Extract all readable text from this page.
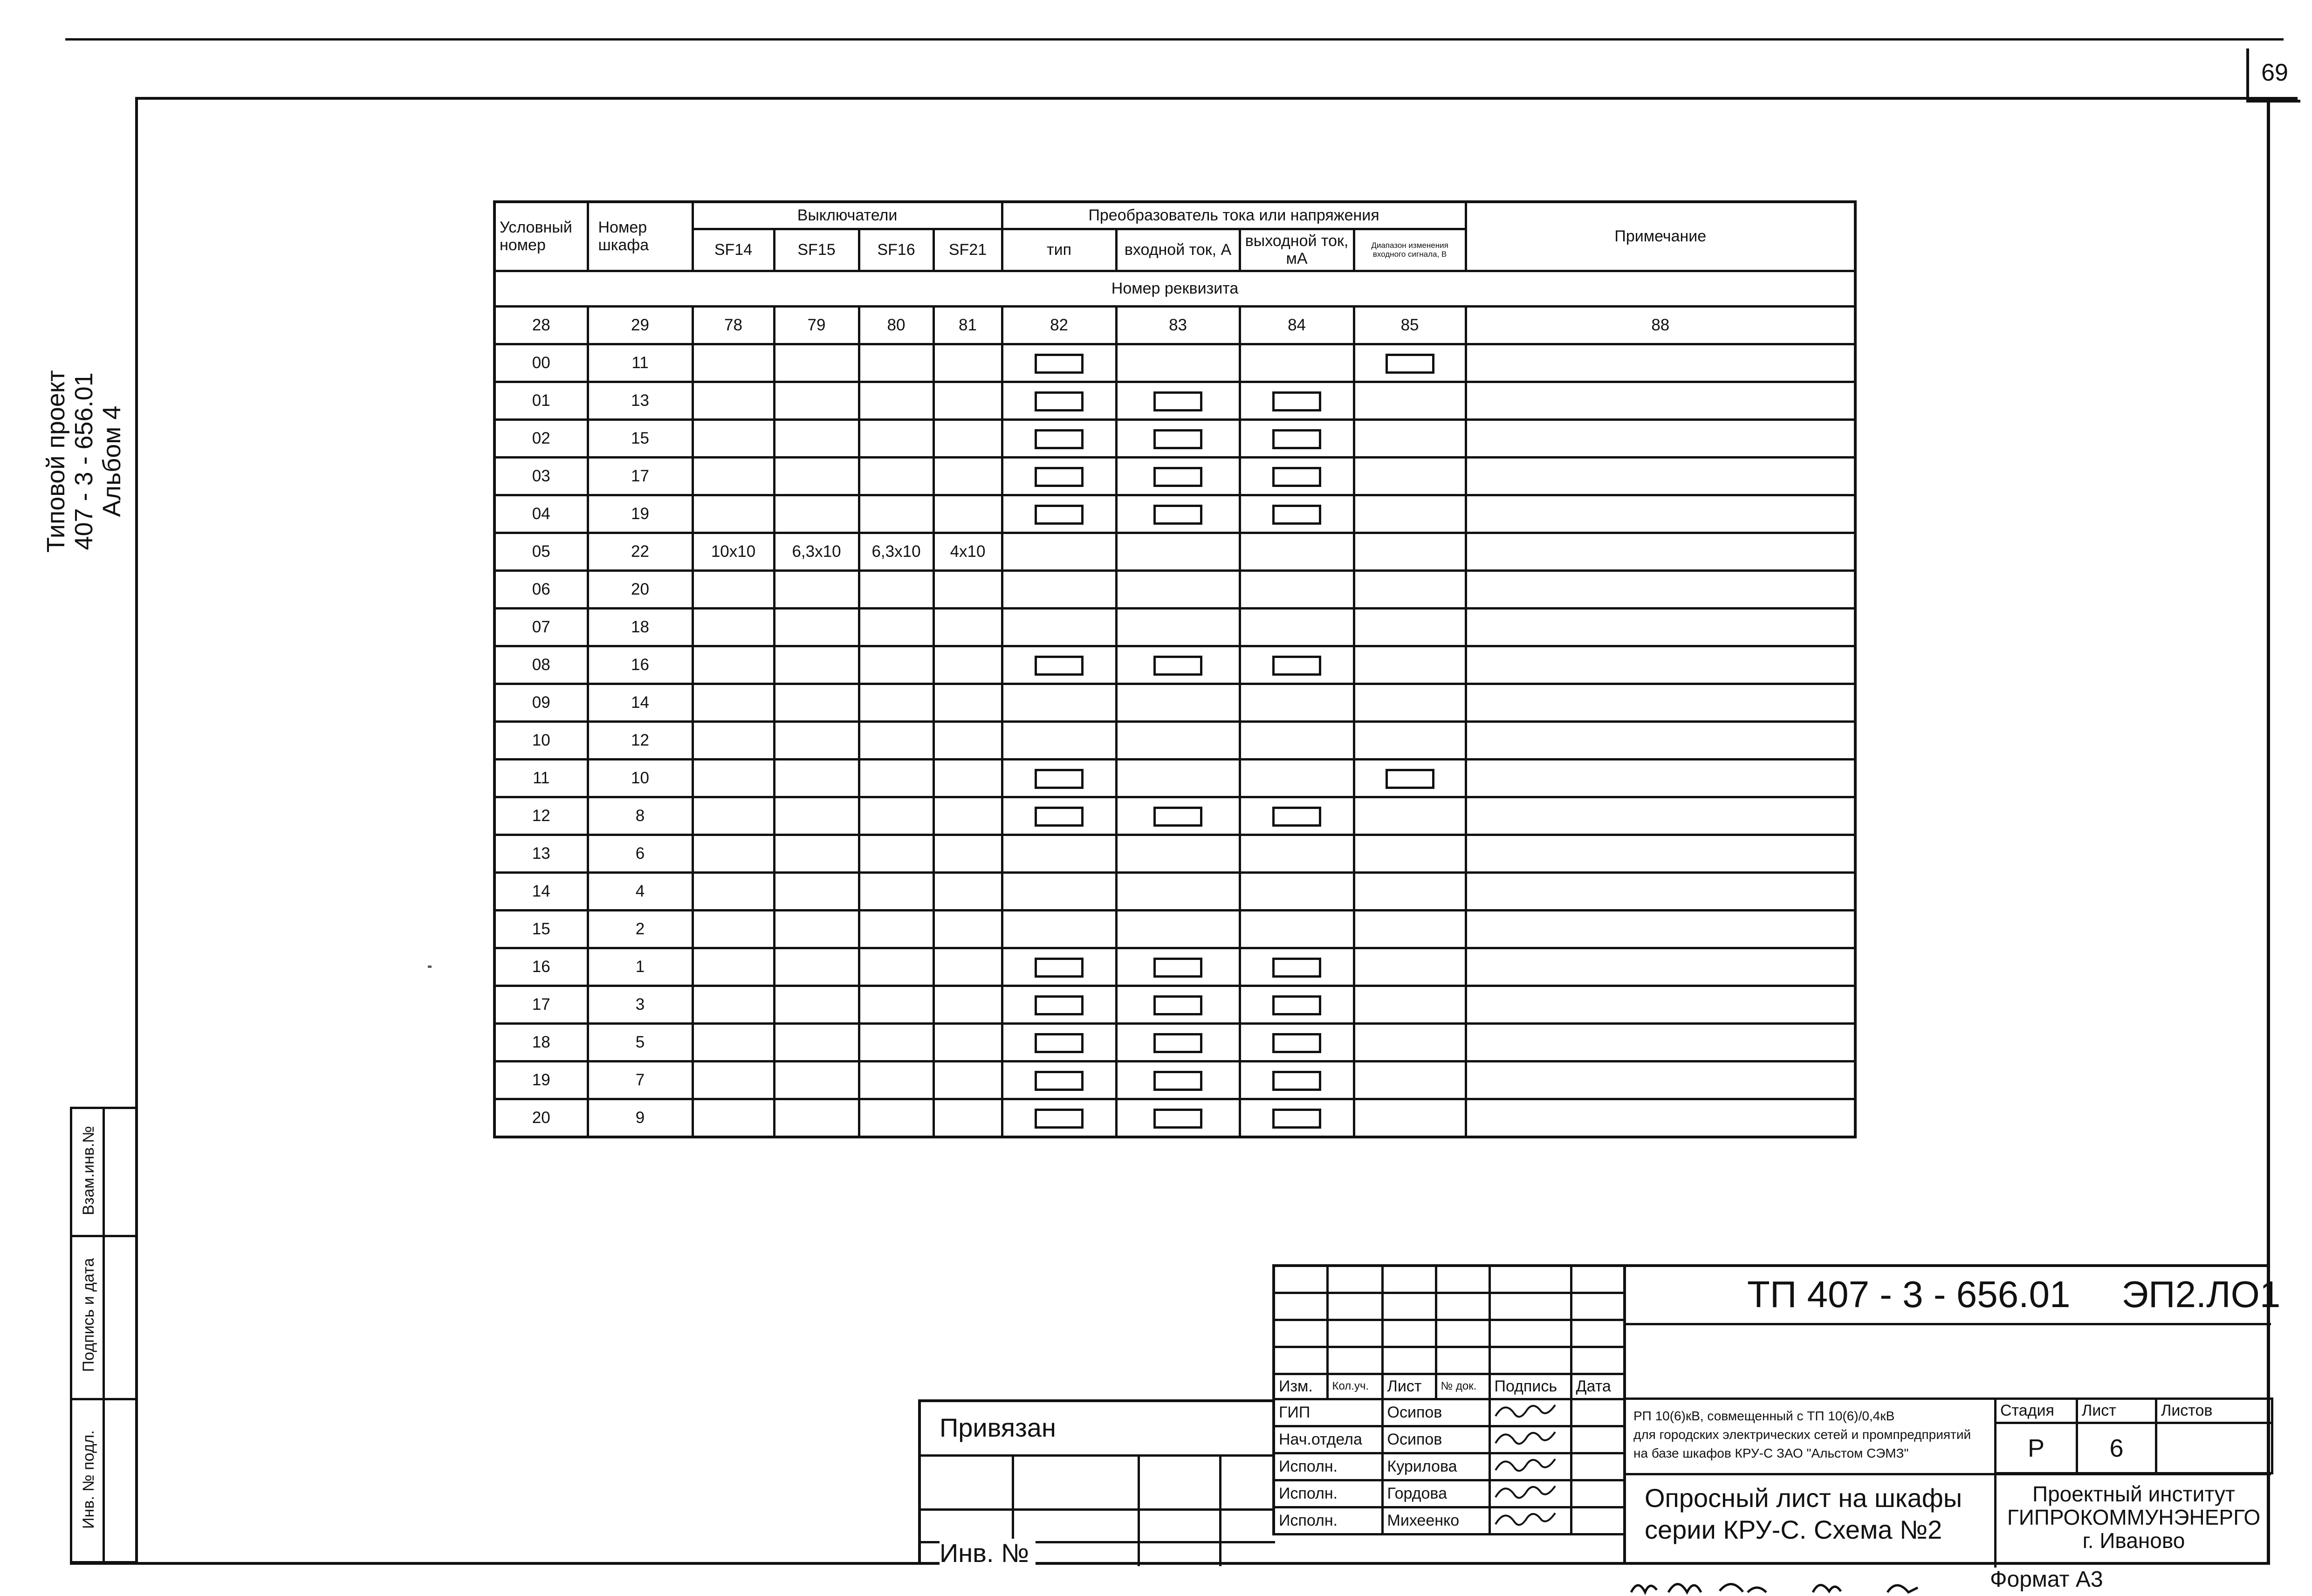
69
Типовой проект 407 - 3 - 656.01 Альбом 4
Взам.инв.№
Подпись и дата
Инв. № подл.
Условный номер	Номер шкафа	Выключатели				Преобразователь тока или напряжения				Примечание
		SF14	SF15	SF16	SF21	тип	входной ток, А	выходной ток, мА	Диапазон изменения входного сигнала, В	
Номер реквизита										
28	29	78	79	80	81	82	83	84	85	88
00	11									
01	13									
02	15									
03	17									
04	19									
05	22	10x10	6,3x10	6,3x10	4x10					
06	20									
07	18									
08	16									
09	14									
10	12									
11	10									
12	8									
13	6									
14	4									
15	2									
16	1									
17	3									
18	5									
19	7									
20	9									

Изм.	Кол.уч.	Лист	№ док.	Подпись	Дата
ГИП		Осипов		
Нач.отдела		Осипов		
Исполн.		Курилова		
Исполн.		Гордова		
Исполн.		Михеенко		
ТП 407 - 3 - 656.01 ЭП2.ЛО1
РП 10(6)кВ, совмещенный с ТП 10(6)/0,4кВ
для городских электрических сетей и промпредприятий
на базе шкафов КРУ-С ЗАО "Альстом СЭМЗ"
Стадия	Лист	Листов
Р	6	
Опросный лист на шкафы
серии КРУ-С. Схема №2
Проектный институт
ГИПРОКОММУНЭНЕРГО
г. Иваново
Привязан
Инв. №
Формат А3
